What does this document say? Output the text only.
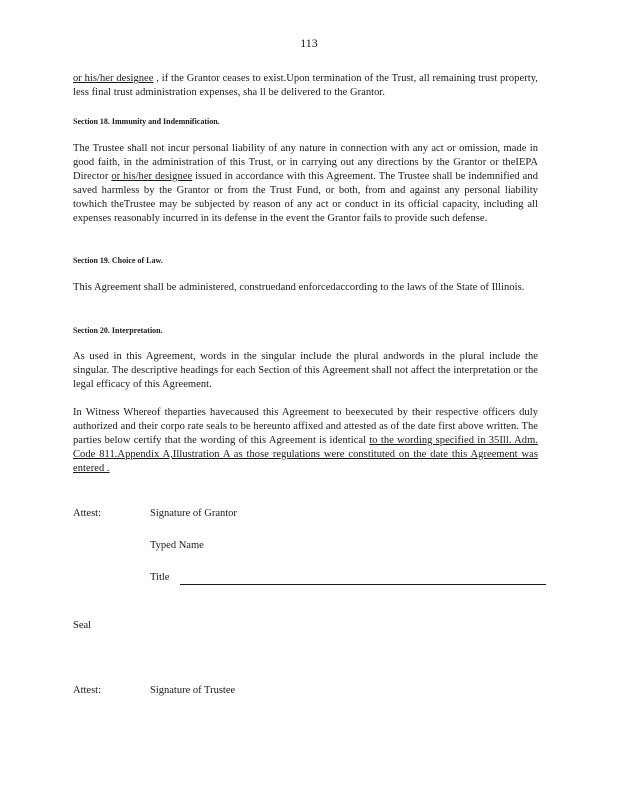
113
or his/her designee , if the Grantor ceases to exist.Upon termination of the Trust, all remaining trust property, less final trust administration expenses, sha ll be delivered to the Grantor.
Section 18. Immunity and Indemnification.
The Trustee shall not incur personal liability of any nature in connection with any act or omission, made in good faith, in the administration of this Trust, or in carrying out any directions by the Grantor or theIEPA Director or his/her designee issued in accordance with this Agreement. The Trustee shall be indemnified and saved harmless by the Grantor or from the Trust Fund, or both, from and against any personal liability towhich theTrustee may be subjected by reason of any act or conduct in its official capacity, including all expenses reasonably incurred in its defense in the event the Grantor fails to provide such defense.
Section 19. Choice of Law.
This Agreement shall be administered, construedand enforcedaccording to the laws of the State of Illinois.
Section 20. Interpretation.
As used in this Agreement, words in the singular include the plural andwords in the plural include the singular. The descriptive headings for each Section of this Agreement shall not affect the interpretation or the legal efficacy of this Agreement.
In Witness Whereof theparties havecaused this Agreement to beexecuted by their respective officers duly authorized and their corpo rate seals to be hereunto affixed and attested as of the date first above written. The parties below certify that the wording of this Agreement is identical to the wording specified in 35Ill. Adm. Code 811.Appendix A,Illustration A as those regulations were constituted on the date this Agreement was entered .
Attest:	Signature of Grantor
Typed Name
Title
Seal
Attest:	Signature of Trustee
